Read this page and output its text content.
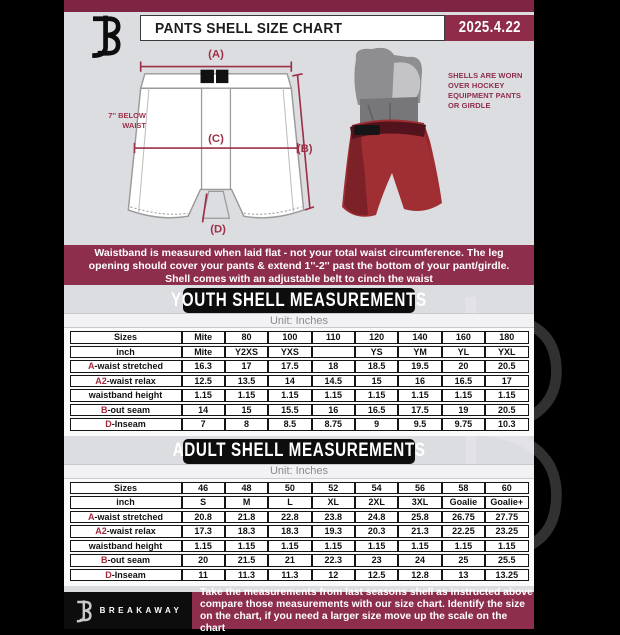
PANTS SHELL SIZE CHART	2025.4.22
(A)
(C)
(B)
(D)
7'' BELOW
WAIST
SHELLS ARE WORN
OVER HOCKEY
EQUIPMENT PANTS
OR GIRDLE
Waistband is measured when laid flat - not your total waist circumference. The leg
opening should cover your pants & extend 1''-2'' past the bottom of your pant/girdle.
Shell comes with an adjustable belt to cinch the waist
YOUTH SHELL MEASUREMENTS
Unit: Inches
Sizes	Mite	80	100	110	120	140	160	180
inch	Mite	Y2XS	YXS		YS	YM	YL	YXL
A-waist stretched	16.3	17	17.5	18	18.5	19.5	20	20.5
A2-waist relax	12.5	13.5	14	14.5	15	16	16.5	17
waistband height	1.15	1.15	1.15	1.15	1.15	1.15	1.15	1.15
B-out seam	14	15	15.5	16	16.5	17.5	19	20.5
D-Inseam	7	8	8.5	8.75	9	9.5	9.75	10.3
ADULT SHELL MEASUREMENTS
Unit: Inches
Sizes	46	48	50	52	54	56	58	60
inch	S	M	L	XL	2XL	3XL	Goalie	Goalie+
A-waist stretched	20.8	21.8	22.8	23.8	24.8	25.8	26.75	27.75
A2-waist relax	17.3	18.3	18.3	19.3	20.3	21.3	22.25	23.25
waistband height	1.15	1.15	1.15	1.15	1.15	1.15	1.15	1.15
B-out seam	20	21.5	21	22.3	23	24	25	25.5
D-Inseam	11	11.3	11.3	12	12.5	12.8	13	13.25
BREAKAWAY
Take the measurements from last seasons shell as instructed above
compare those measurements with our size chart. Identify the size
on the chart, if you need a larger size move up the scale on the chart
